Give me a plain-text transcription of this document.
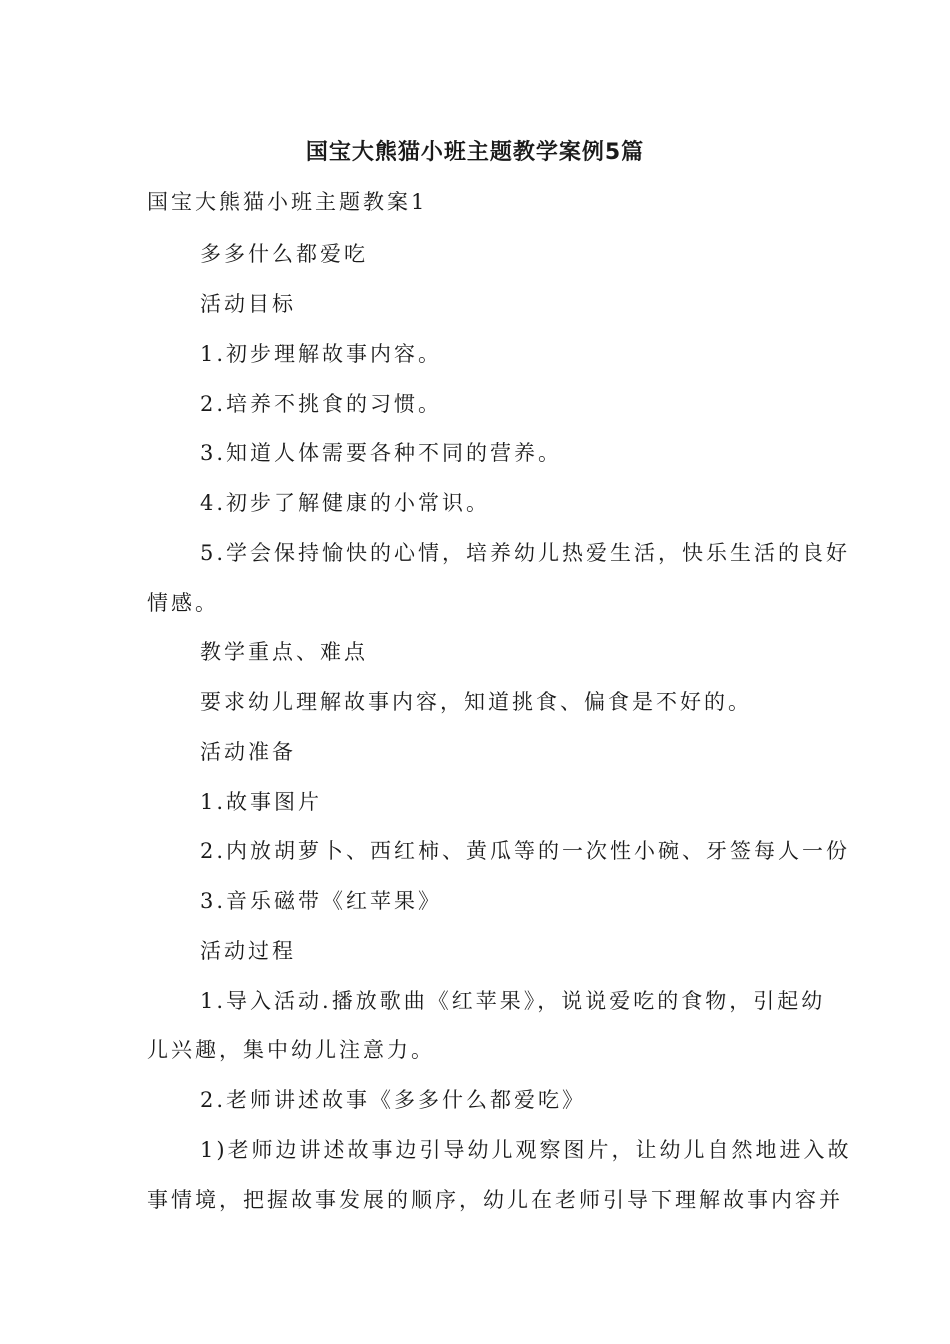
国宝大熊猫小班主题教学案例5篇
国宝大熊猫小班主题教案1
多多什么都爱吃
活动目标
1.初步理解故事内容。
2.培养不挑食的习惯。
3.知道人体需要各种不同的营养。
4.初步了解健康的小常识。
5.学会保持愉快的心情，培养幼儿热爱生活，快乐生活的良好
情感。
教学重点、难点
要求幼儿理解故事内容，知道挑食、偏食是不好的。
活动准备
1.故事图片
2.内放胡萝卜、西红柿、黄瓜等的一次性小碗、牙签每人一份
3.音乐磁带《红苹果》
活动过程
1.导入活动.播放歌曲《红苹果》，说说爱吃的食物，引起幼
儿兴趣，集中幼儿注意力。
2.老师讲述故事《多多什么都爱吃》
1)老师边讲述故事边引导幼儿观察图片，让幼儿自然地进入故
事情境，把握故事发展的顺序，幼儿在老师引导下理解故事内容并
